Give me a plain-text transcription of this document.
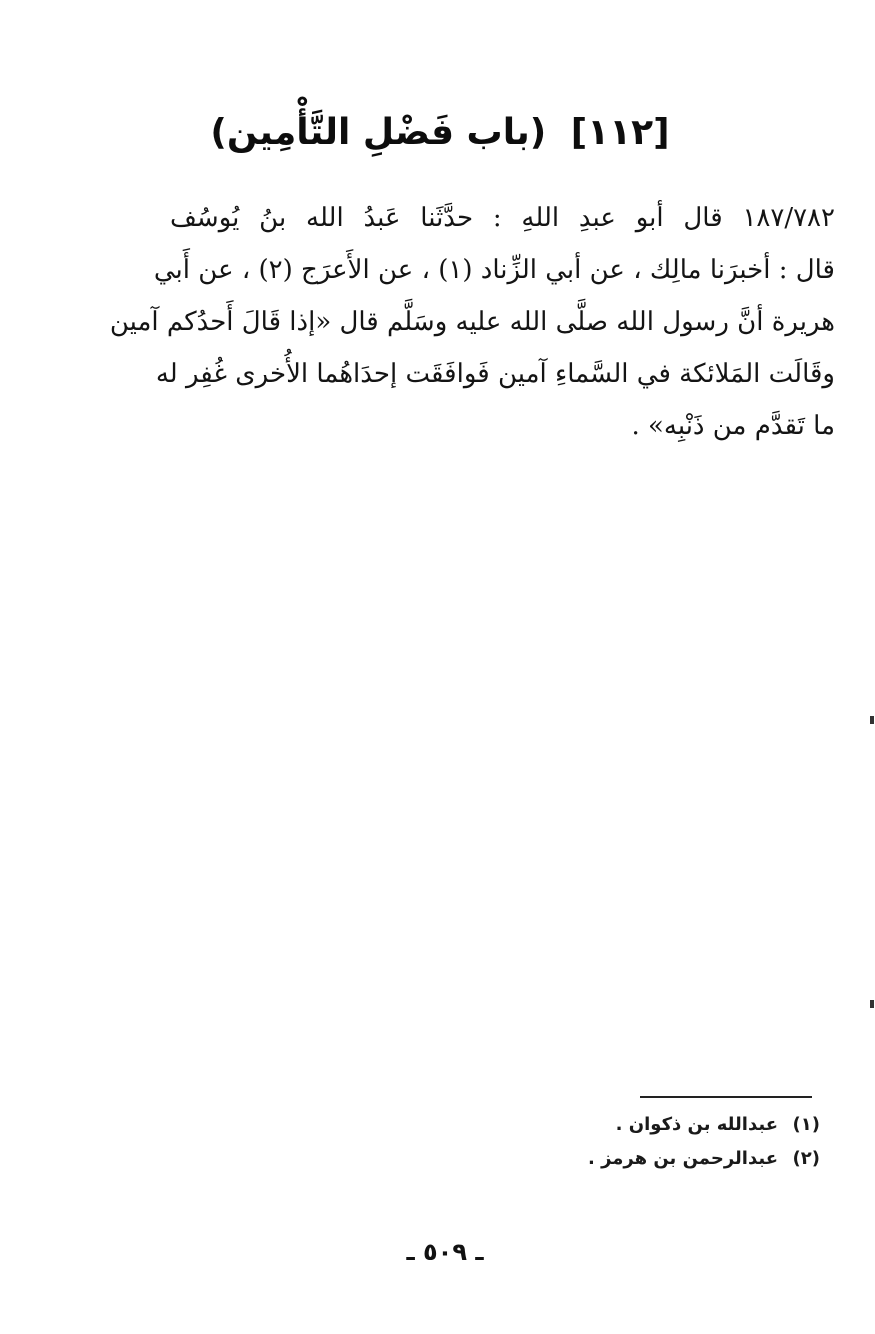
[١١٢] (باب فَضْلِ التَّأْمِين)
١٨٧/٧٨٢ قال أبو عبدِ اللهِ : حدَّثَنا عَبدُ الله بنُ يُوسُف
قال : أخبرَنا مالِك ، عن أبي الزِّناد (١) ، عن الأَعرَج (٢) ، عن أَبي
هريرة أنَّ رسول الله صلَّى الله عليه وسَلَّم قال «إذا قَالَ أَحدُكم آمين
وقَالَت المَلائكة في السَّماءِ آمين فَوافَقَت إحدَاهُما الأُخرى غُفِر له
ما تَقدَّم من ذَنْبِه» .
(١)
عبدالله بن ذكوان .
(٢)
عبدالرحمن بن هرمز .
ـ ٥٠٩ ـ
